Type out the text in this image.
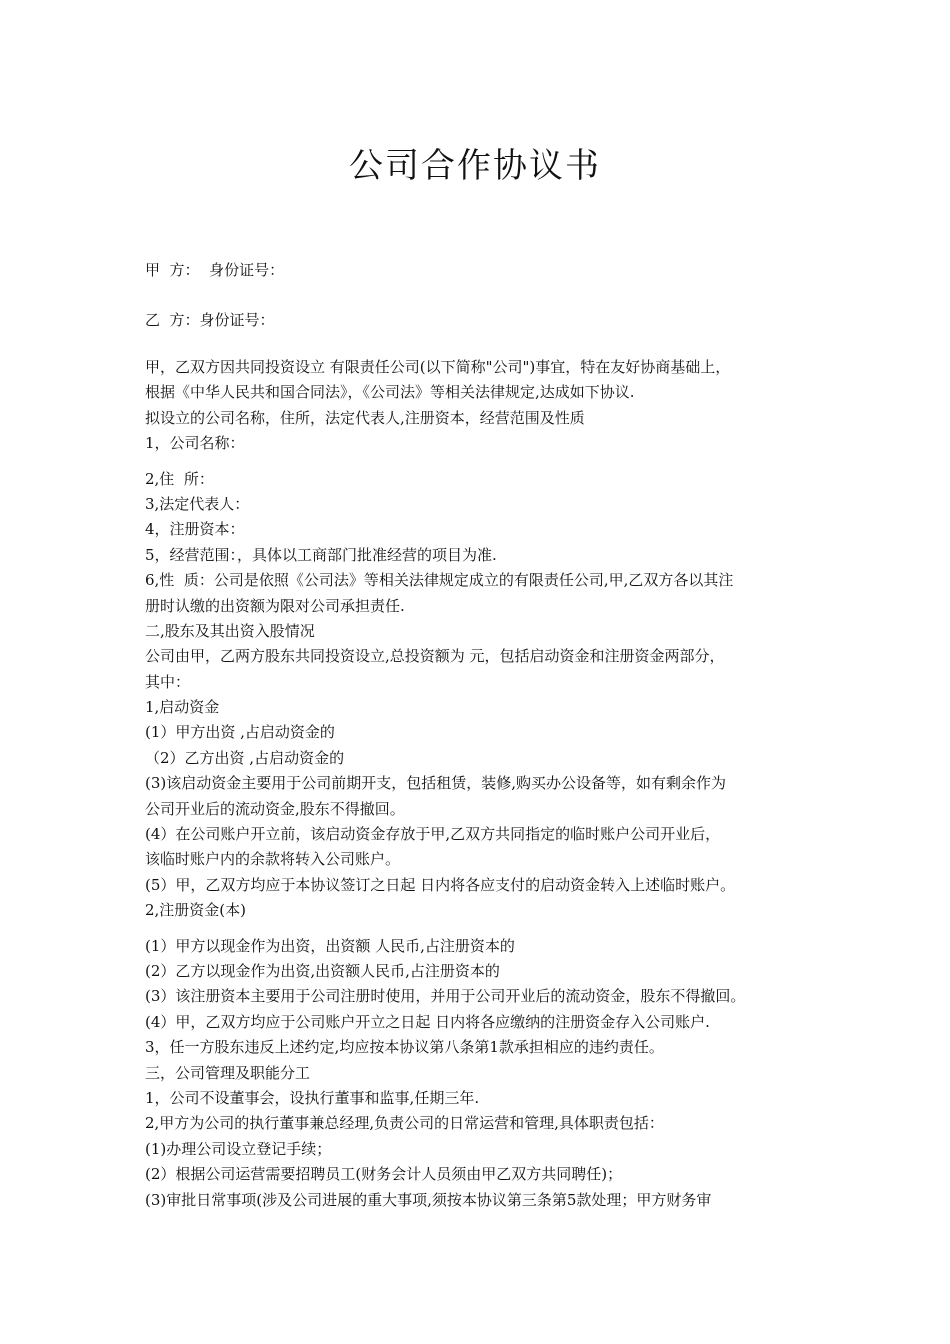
公司合作协议书
甲  方：  身份证号：
乙  方：身份证号：
甲，乙双方因共同投资设立 有限责任公司(以下简称"公司")事宜，特在友好协商基础上，
根据《中华人民共和国合同法》，《公司法》等相关法律规定,达成如下协议.
拟设立的公司名称，住所，法定代表人,注册资本，经营范围及性质
1，公司名称：
2,住  所：
3,法定代表人：
4，注册资本：
5，经营范围：，具体以工商部门批准经营的项目为准.
6,性  质：公司是依照《公司法》等相关法律规定成立的有限责任公司,甲,乙双方各以其注
册时认缴的出资额为限对公司承担责任.
二,股东及其出资入股情况
公司由甲，乙两方股东共同投资设立,总投资额为 元，包括启动资金和注册资金两部分，
其中：
1,启动资金
(1）甲方出资 ,占启动资金的
（2）乙方出资 ,占启动资金的
(3)该启动资金主要用于公司前期开支，包括租赁，装修,购买办公设备等，如有剩余作为
公司开业后的流动资金,股东不得撤回。
(4）在公司账户开立前，该启动资金存放于甲,乙双方共同指定的临时账户公司开业后，
该临时账户内的余款将转入公司账户。
(5）甲，乙双方均应于本协议签订之日起 日内将各应支付的启动资金转入上述临时账户。
2,注册资金(本)
(1）甲方以现金作为出资，出资额 人民币,占注册资本的
(2）乙方以现金作为出资,出资额人民币,占注册资本的
(3）该注册资本主要用于公司注册时使用，并用于公司开业后的流动资金，股东不得撤回。
(4）甲，乙双方均应于公司账户开立之日起 日内将各应缴纳的注册资金存入公司账户.
3，任一方股东违反上述约定,均应按本协议第八条第1款承担相应的违约责任。
三，公司管理及职能分工
1，公司不设董事会，设执行董事和监事,任期三年.
2,甲方为公司的执行董事兼总经理,负责公司的日常运营和管理,具体职责包括：
(1)办理公司设立登记手续；
(2）根据公司运营需要招聘员工(财务会计人员须由甲乙双方共同聘任)；
(3)审批日常事项(涉及公司进展的重大事项,须按本协议第三条第5款处理；甲方财务审
